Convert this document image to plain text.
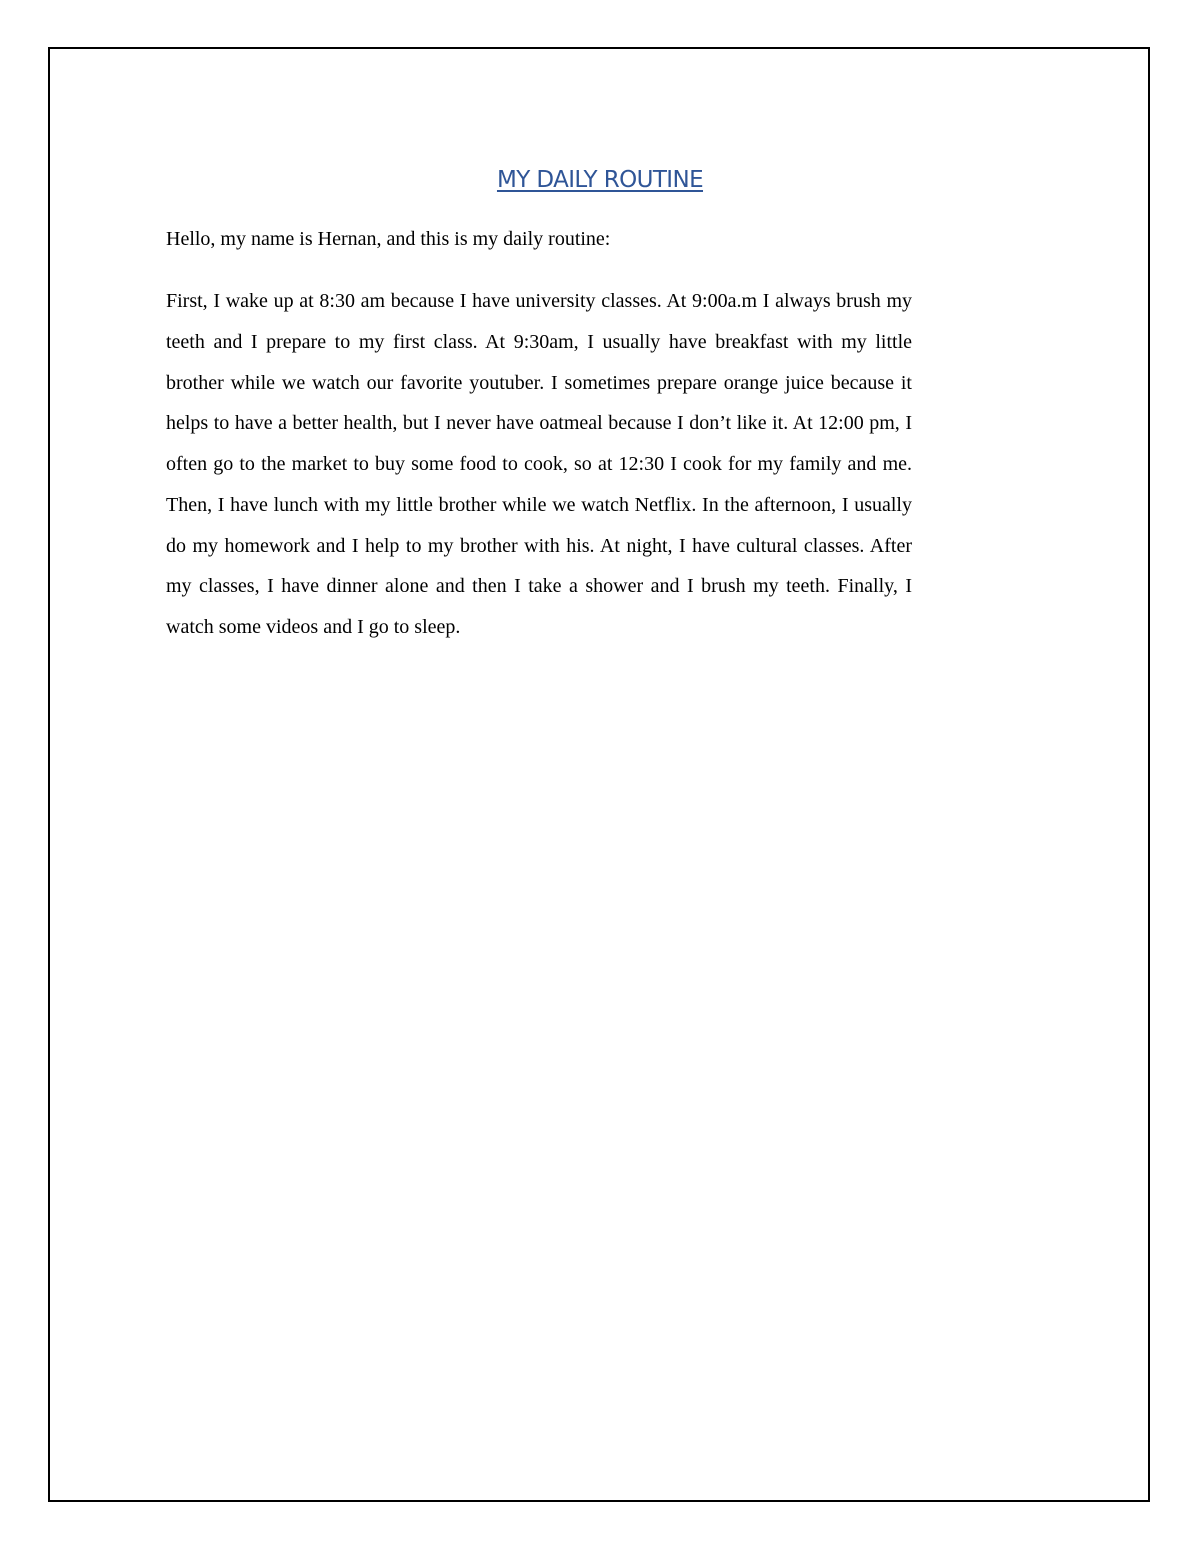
MY DAILY ROUTINE

Hello, my name is Hernan, and this is my daily routine:

First, I wake up at 8:30 am because I have university classes. At 9:00a.m I always brush my teeth and I prepare to my first class. At 9:30am, I usually have breakfast with my little brother while we watch our favorite youtuber. I sometimes prepare orange juice because it helps to have a better health, but I never have oatmeal because I don’t like it. At 12:00 pm, I often go to the market to buy some food to cook, so at 12:30 I cook for my family and me. Then, I have lunch with my little brother while we watch Netflix. In the afternoon, I usually do my homework and I help to my brother with his. At night, I have cultural classes. After my classes, I have dinner alone and then I take a shower and I brush my teeth. Finally, I watch some videos and I go to sleep.
